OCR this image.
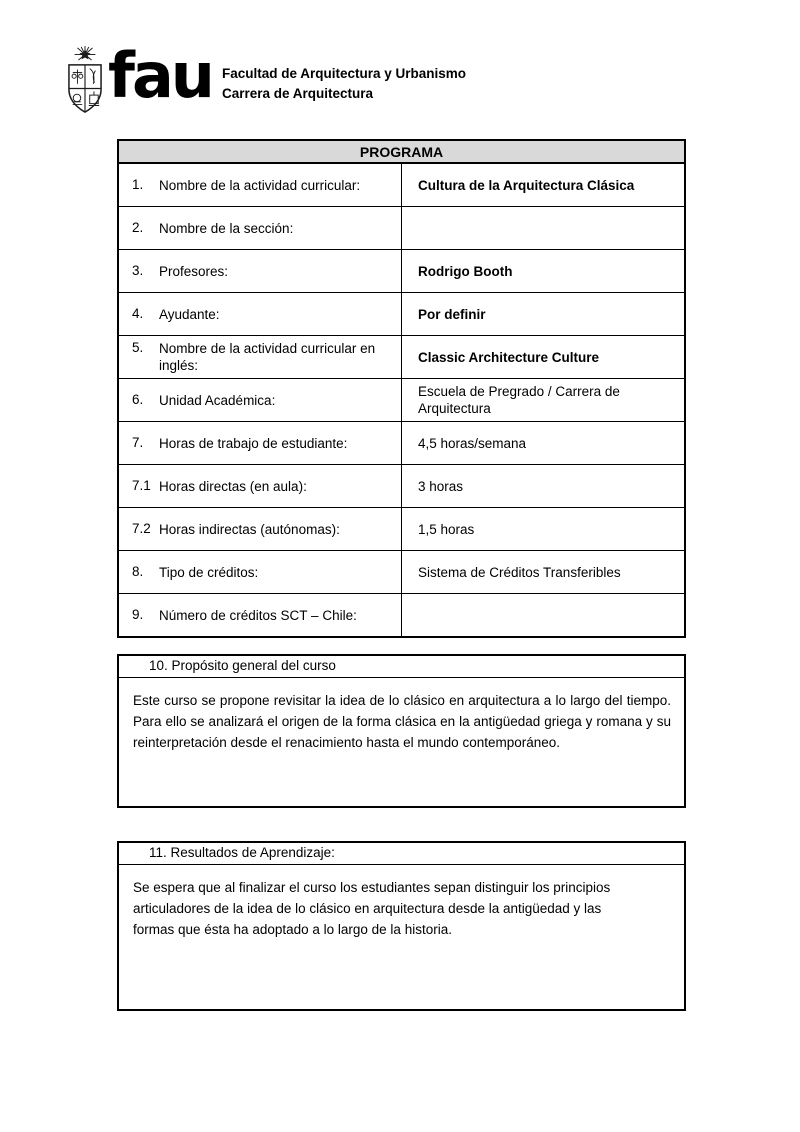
fau Facultad de Arquitectura y Urbanismo
Carrera de Arquitectura
PROGRAMA	

1. Nombre de la actividad curricular:	Cultura de la Arquitectura Clásica

2. Nombre de la sección:	

3. Profesores:	Rodrigo Booth

4. Ayudante:	Por definir

5. Nombre de la actividad curricular en inglés:	Classic Architecture Culture

6. Unidad Académica:	Escuela de Pregrado / Carrera de Arquitectura

7. Horas de trabajo de estudiante:	4,5 horas/semana

7.1 Horas directas (en aula):	3 horas

7.2 Horas indirectas (autónomas):	1,5 horas

8. Tipo de créditos:	Sistema de Créditos Transferibles

9. Número de créditos SCT – Chile:	

10. Propósito general del curso
Este curso se propone revisitar la idea de lo clásico en arquitectura a lo largo del tiempo. Para ello se analizará el origen de la forma clásica en la antigüedad griega y romana y su reinterpretación desde el renacimiento hasta el mundo contemporáneo.
11. Resultados de Aprendizaje:
Se espera que al finalizar el curso los estudiantes sepan distinguir los principios articuladores de la idea de lo clásico en arquitectura desde la antigüedad y las formas que ésta ha adoptado a lo largo de la historia.
